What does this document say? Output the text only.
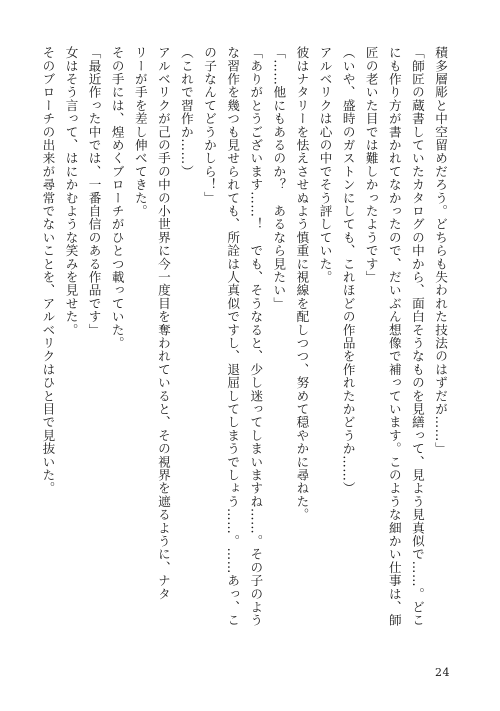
積多層彫と中空留めだろう。どちらも失われた技法のはずだが……」
「師匠の蔵書していたカタログの中から、面白そうなものを見繕って、見よう見真似で……。どこ
にも作り方が書かれてなかったので、だいぶん想像で補っています。このような細かい仕事は、師
匠の老いた目では難しかったようです」
（いや、盛時のガストンにしても、これほどの作品を作れたかどうか……）
アルベリクは心の中でそう評していた。
彼はナタリーを怯えさせぬよう慎重に視線を配しつつ、努めて穏やかに尋ねた。
「……他にもあるのか？　あるなら見たい」
「ありがとうございます……！　でも、そうなると、少し迷ってしまいますね……。その子のよう
な習作を幾つも見せられても、所詮は人真似ですし、退屈してしまうでしょう……。……あっ、こ
の子なんてどうかしら！」
（これで習作か……）
アルベリクが己の手の中の小世界に今一度目を奪われていると、その視界を遮るように、ナタ
リーが手を差し伸べてきた。
その手には、煌めくブローチがひとつ載っていた。
「最近作った中では、一番自信のある作品です」
女はそう言って、はにかむような笑みを見せた。
そのブローチの出来が尋常でないことを、アルベリクはひと目で見抜いた。
24
